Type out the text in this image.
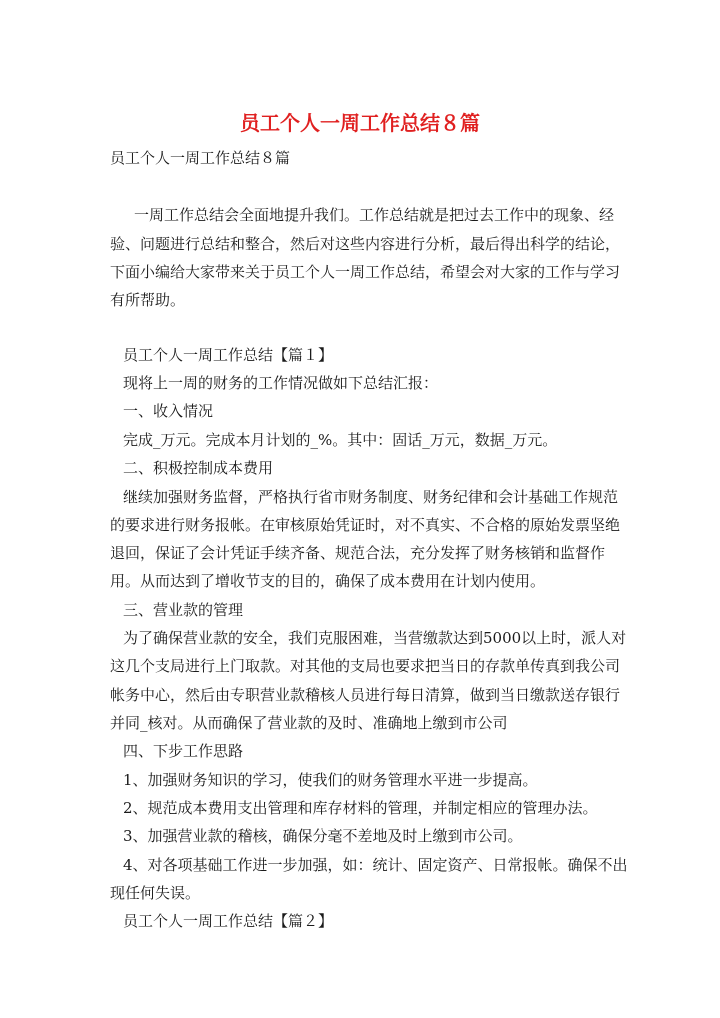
员工个人一周工作总结８篇
员工个人一周工作总结８篇
一周工作总结会全面地提升我们。工作总结就是把过去工作中的现象、经
验、问题进行总结和整合，然后对这些内容进行分析，最后得出科学的结论，
下面小编给大家带来关于员工个人一周工作总结，希望会对大家的工作与学习
有所帮助。
员工个人一周工作总结【篇１】
现将上一周的财务的工作情况做如下总结汇报：
一、收入情况
完成_万元。完成本月计划的_%。其中：固话_万元，数据_万元。
二、积极控制成本费用
继续加强财务监督，严格执行省市财务制度、财务纪律和会计基础工作规范
的要求进行财务报帐。在审核原始凭证时，对不真实、不合格的原始发票坚绝
退回，保证了会计凭证手续齐备、规范合法，充分发挥了财务核销和监督作
用。从而达到了增收节支的目的，确保了成本费用在计划内使用。
三、营业款的管理
为了确保营业款的安全，我们克服困难，当营缴款达到5000以上时，派人对
这几个支局进行上门取款。对其他的支局也要求把当日的存款单传真到我公司
帐务中心，然后由专职营业款稽核人员进行每日清算，做到当日缴款送存银行
并同_核对。从而确保了营业款的及时、准确地上缴到市公司
四、下步工作思路
1、加强财务知识的学习，使我们的财务管理水平进一步提高。
2、规范成本费用支出管理和库存材料的管理，并制定相应的管理办法。
3、加强营业款的稽核，确保分毫不差地及时上缴到市公司。
4、对各项基础工作进一步加强，如：统计、固定资产、日常报帐。确保不出
现任何失误。
员工个人一周工作总结【篇２】
